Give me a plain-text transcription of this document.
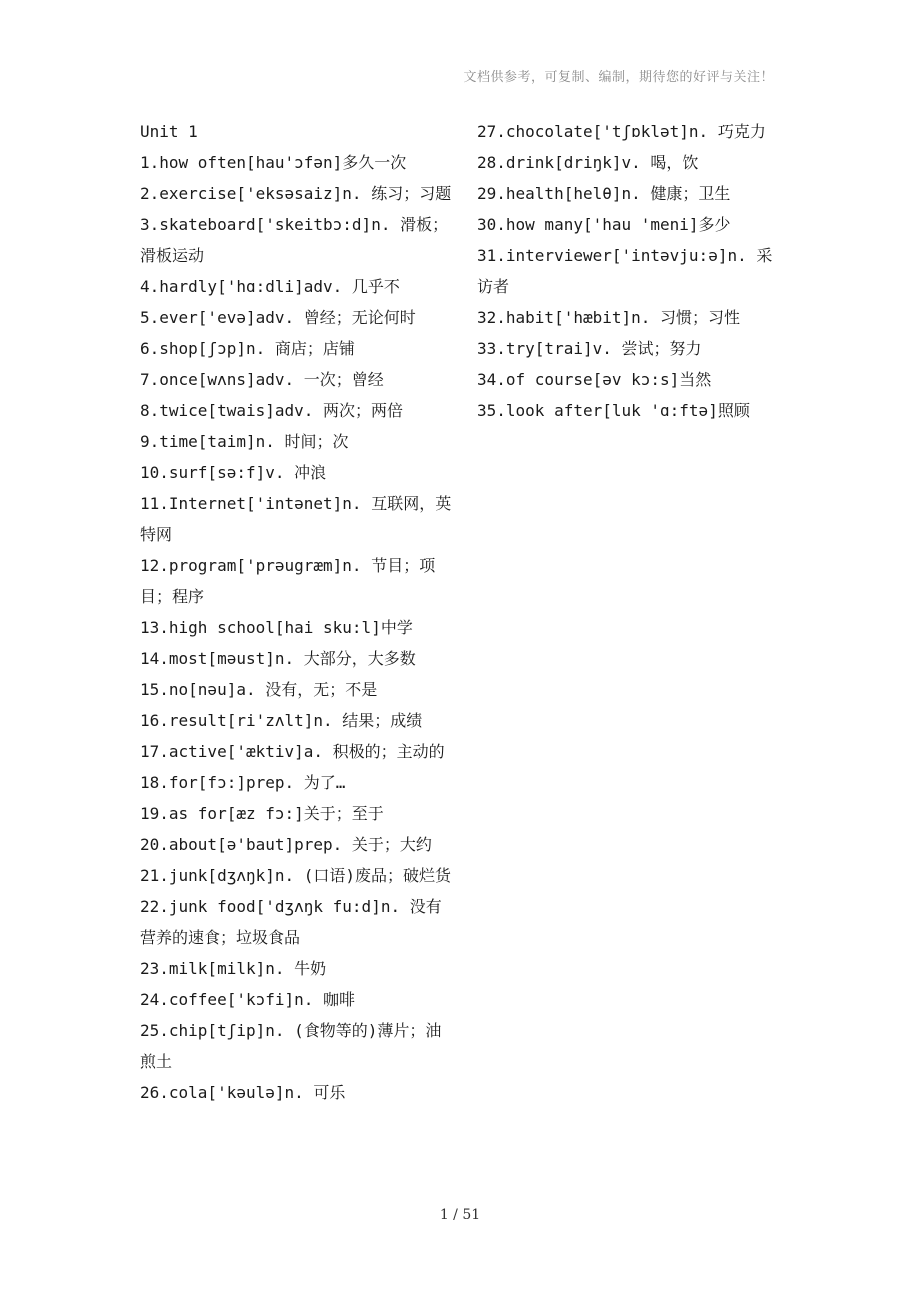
文档供参考，可复制、编制，期待您的好评与关注！

Unit 1

1.how often[hau'ɔfən]多久一次

2.exercise['eksəsaiz]n. 练习；习题 3.skateboard['skeitbɔ:d]n. 滑板；滑板运动

4.hardly['hɑ:dli]adv. 几乎不

5.ever['evə]adv. 曾经；无论何时

6.shop[ʃɔp]n. 商店；店铺

7.once[wʌns]adv. 一次；曾经

8.twice[twais]adv. 两次；两倍

9.time[taim]n. 时间；次

10.surf[sə:f]v. 冲浪

11.Internet['intənet]n. 互联网，英特网

12.program['prəugræm]n. 节目；项目；程序

13.high school[hai sku:l]中学

14.most[məust]n. 大部分，大多数

15.no[nəu]a. 没有，无；不是

16.result[ri'zʌlt]n. 结果；成绩

17.active['æktiv]a. 积极的；主动的

18.for[fɔ:]prep. 为了…

19.as for[æz fɔ:]关于；至于

20.about[ə'baut]prep. 关于；大约

21.junk[dʒʌŋk]n. (口语)废品；破烂货

22.junk food['dʒʌŋk fu:d]n. 没有营养的速食；垃圾食品

23.milk[milk]n. 牛奶

24.coffee['kɔfi]n. 咖啡

25.chip[tʃip]n. (食物等的)薄片；油煎土

26.cola['kəulə]n. 可乐

27.chocolate['tʃɒklət]n. 巧克力

28.drink[driŋk]v. 喝，饮

29.health[helθ]n. 健康；卫生

30.how many['hau 'meni]多少

31.interviewer['intəvju:ə]n. 采访者

32.habit['hæbit]n. 习惯；习性

33.try[trai]v. 尝试；努力

34.of course[əv kɔ:s]当然

35.look after[luk 'ɑ:ftə]照顾

1 / 51
